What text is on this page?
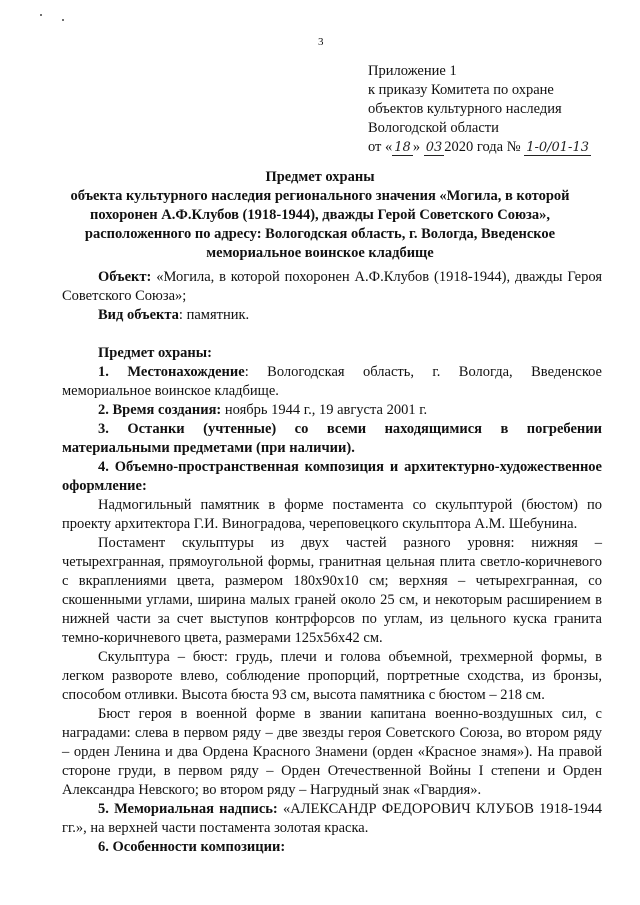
3
Приложение 1
к приказу Комитета по охране
объектов культурного наследия
Вологодской области
от « 18 » 03 2020 года № 1-0/01-13
Предмет охраны
объекта культурного наследия регионального значения «Могила, в которой
похоронен А.Ф.Клубов (1918-1944), дважды Герой Советского Союза»,
расположенного по адресу: Вологодская область, г. Вологда, Введенское
мемориальное воинское кладбище

Объект: «Могила, в которой похоронен А.Ф.Клубов (1918-1944), дважды Героя Советского Союза»;

Вид объекта: памятник.

Предмет охраны:

1. Местонахождение: Вологодская область, г. Вологда, Введенское мемориальное воинское кладбище.

2. Время создания: ноябрь 1944 г., 19 августа 2001 г.

3. Останки (учтенные) со всеми находящимися в погребении материальными предметами (при наличии).

4. Объемно-пространственная композиция и архитектурно-художественное оформление:

Надмогильный памятник в форме постамента со скульптурой (бюстом) по проекту архитектора Г.И. Виноградова, череповецкого скульптора А.М. Шебунина.

Постамент скульптуры из двух частей разного уровня: нижняя – четырехгранная, прямоугольной формы, гранитная цельная плита светло-коричневого с вкраплениями цвета, размером 180х90х10 см; верхняя – четырехгранная, со скошенными углами, ширина малых граней около 25 см, и некоторым расширением в нижней части за счет выступов контрфорсов по углам, из цельного куска гранита темно-коричневого цвета, размерами 125х56х42 см.

Скульптура – бюст: грудь, плечи и голова объемной, трехмерной формы, в легком развороте влево, соблюдение пропорций, портретные сходства, из бронзы, способом отливки. Высота бюста 93 см, высота памятника с бюстом – 218 см.

Бюст героя в военной форме в звании капитана военно-воздушных сил, с наградами: слева в первом ряду – две звезды героя Советского Союза, во втором ряду – орден Ленина и два Ордена Красного Знамени (орден «Красное знамя»). На правой стороне груди, в первом ряду – Орден Отечественной Войны I степени и Орден Александра Невского; во втором ряду – Нагрудный знак «Гвардия».

5. Мемориальная надпись: «АЛЕКСАНДР ФЕДОРОВИЧ КЛУБОВ 1918-1944 гг.», на верхней части постамента золотая краска.

6. Особенности композиции:
